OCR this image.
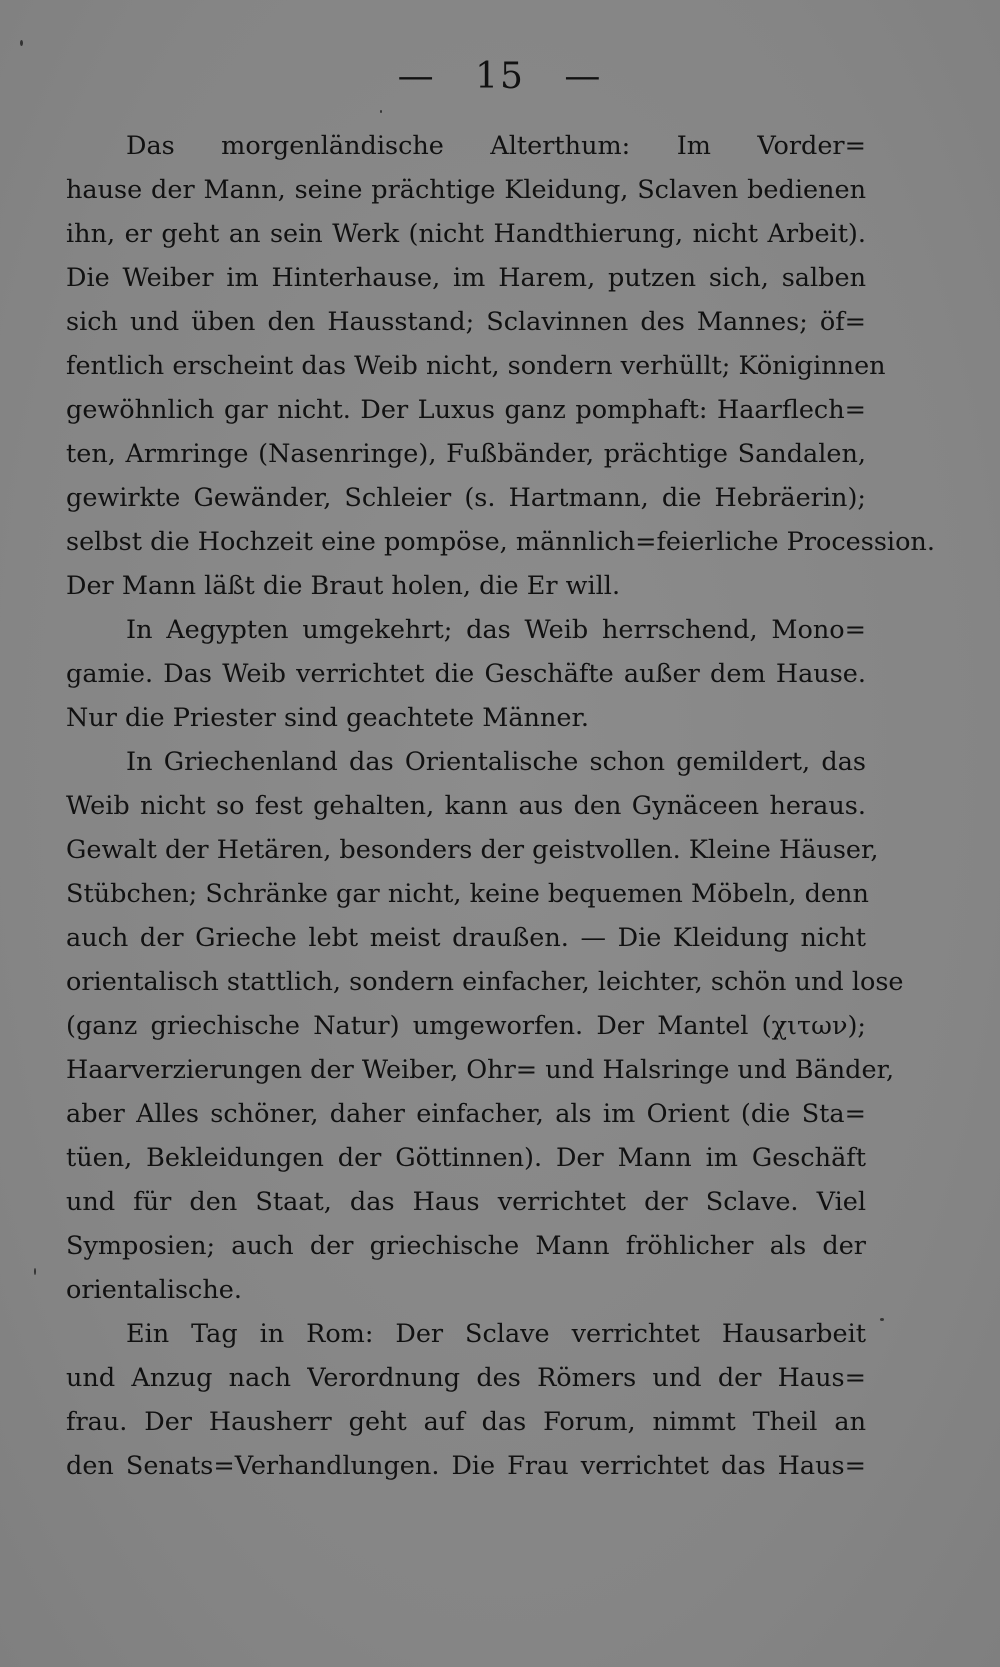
— 15 —
Das morgenländische Alterthum: Im Vorder=
hause der Mann, seine prächtige Kleidung, Sclaven bedienen
ihn, er geht an sein Werk (nicht Handthierung, nicht Arbeit).
Die Weiber im Hinterhause, im Harem, putzen sich, salben
sich und üben den Hausstand; Sclavinnen des Mannes; öf=
fentlich erscheint das Weib nicht, sondern verhüllt; Königinnen
gewöhnlich gar nicht. Der Luxus ganz pomphaft: Haarflech=
ten, Armringe (Nasenringe), Fußbänder, prächtige Sandalen,
gewirkte Gewänder, Schleier (s. Hartmann, die Hebräerin);
selbst die Hochzeit eine pompöse, männlich=feierliche Procession.
Der Mann läßt die Braut holen, die Er will.
In Aegypten umgekehrt; das Weib herrschend, Mono=
gamie. Das Weib verrichtet die Geschäfte außer dem Hause.
Nur die Priester sind geachtete Männer.
In Griechenland das Orientalische schon gemildert, das
Weib nicht so fest gehalten, kann aus den Gynäceen heraus.
Gewalt der Hetären, besonders der geistvollen. Kleine Häuser,
Stübchen; Schränke gar nicht, keine bequemen Möbeln, denn
auch der Grieche lebt meist draußen. — Die Kleidung nicht
orientalisch stattlich, sondern einfacher, leichter, schön und lose
(ganz griechische Natur) umgeworfen. Der Mantel (χιτων);
Haarverzierungen der Weiber, Ohr= und Halsringe und Bänder,
aber Alles schöner, daher einfacher, als im Orient (die Sta=
tüen, Bekleidungen der Göttinnen). Der Mann im Geschäft
und für den Staat, das Haus verrichtet der Sclave. Viel
Symposien; auch der griechische Mann fröhlicher als der
orientalische.
Ein Tag in Rom: Der Sclave verrichtet Hausarbeit
und Anzug nach Verordnung des Römers und der Haus=
frau. Der Hausherr geht auf das Forum, nimmt Theil an
den Senats=Verhandlungen. Die Frau verrichtet das Haus=
